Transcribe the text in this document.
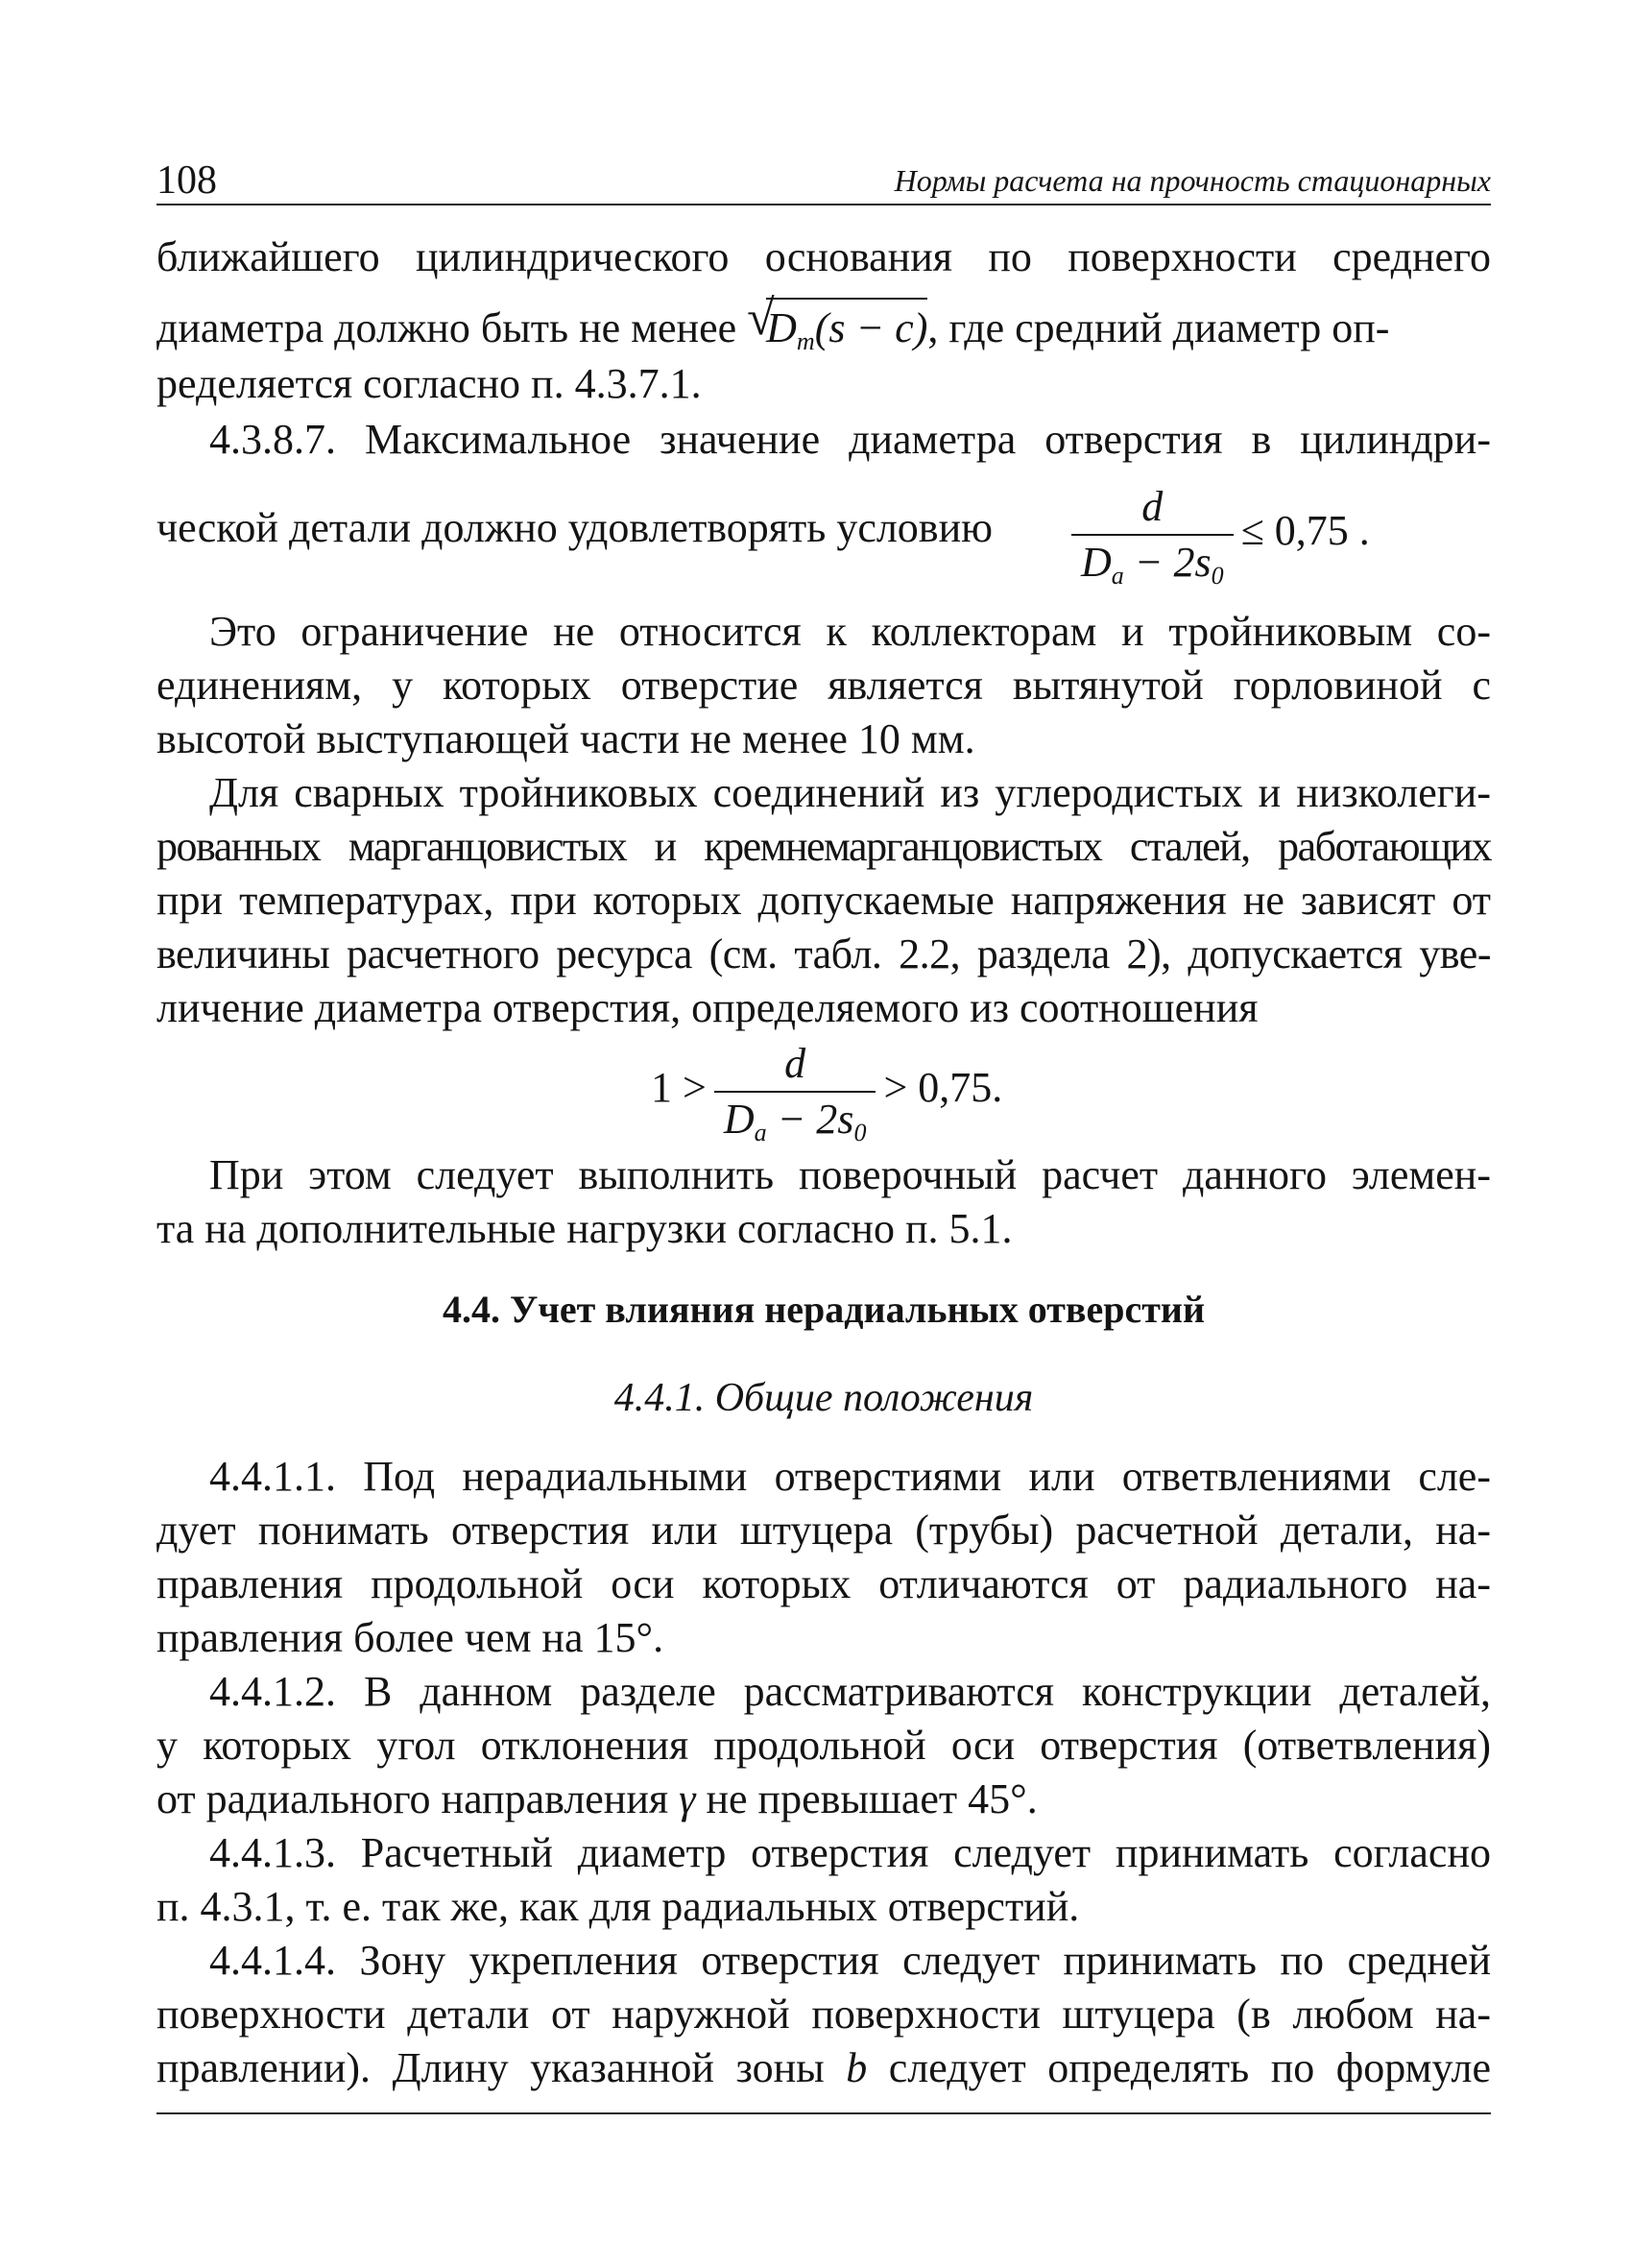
108	Нормы расчета на прочность стационарных
ближайшего цилиндрического основания по поверхности среднего
диаметра должно быть не менее √
$D_m(s - c)$, где средний диаметр оп-
ределяется согласно п. 4.3.7.1.
4.3.8.7. Максимальное значение диаметра отверстия в цилиндри-
ческой детали должно удовлетворять условию	$\frac{d}{D_a - 2s_0} \le 0,75$ .
Это ограничение не относится к коллекторам и тройниковым со-
единениям, у которых отверстие является вытянутой горловиной с
высотой выступающей части не менее 10 мм.
Для сварных тройниковых соединений из углеродистых и низколеги-
рованных марганцовистых и кремнемарганцовистых сталей, работающих
при температурах, при которых допускаемые напряжения не зависят от
величины расчетного ресурса (см. табл. 2.2, раздела 2), допускается уве-
личение диаметра отверстия, определяемого из соотношения
$1 > \frac{d}{D_a - 2s_0} > 0,75$.
При этом следует выполнить поверочный расчет данного элемен-
та на дополнительные нагрузки согласно п. 5.1.
4.4. Учет влияния нерадиальных отверстий
4.4.1. Общие положения
4.4.1.1. Под нерадиальными отверстиями или ответвлениями сле-
дует понимать отверстия или штуцера (трубы) расчетной детали, на-
правления продольной оси которых отличаются от радиального на-
правления более чем на 15°.
4.4.1.2. В данном разделе рассматриваются конструкции деталей,
у которых угол отклонения продольной оси отверстия (ответвления)
от радиального направления γ не превышает 45°.
4.4.1.3. Расчетный диаметр отверстия следует принимать согласно
п. 4.3.1, т. е. так же, как для радиальных отверстий.
4.4.1.4. Зону укрепления отверстия следует принимать по средней
поверхности детали от наружной поверхности штуцера (в любом на-
правлении). Длину указанной зоны b следует определять по формуле
